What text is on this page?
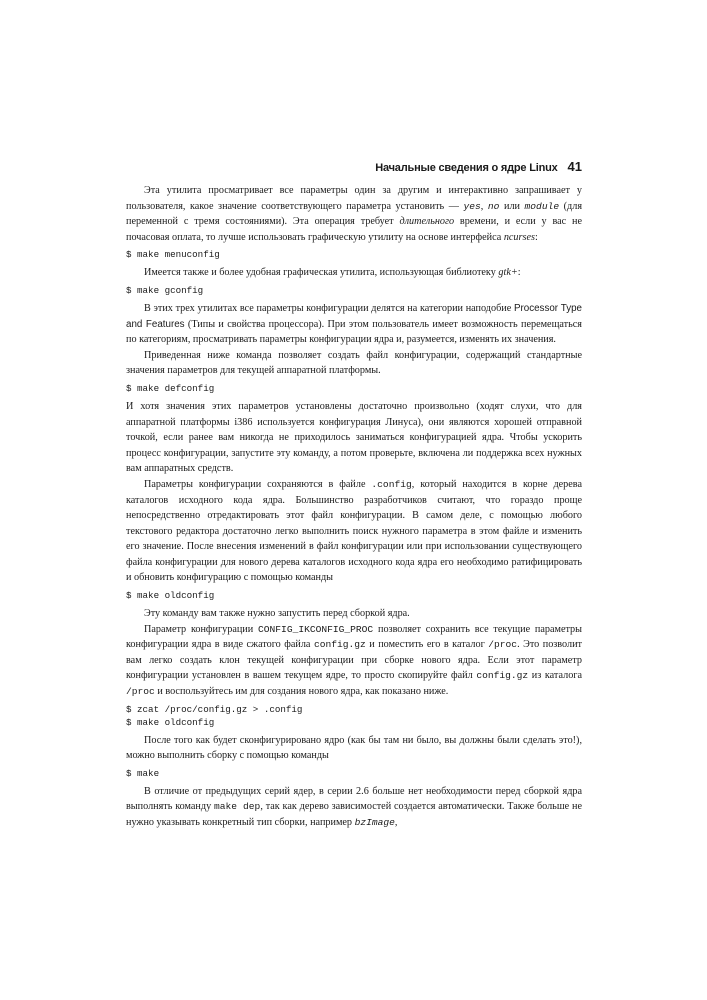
Начальные сведения о ядре Linux 41

Эта утилита просматривает все параметры один за другим и интерактивно запрашивает у пользователя, какое значение соответствующего параметра установить — yes, no или module (для переменной с тремя состояниями). Эта операция требует длительного времени, и если у вас не почасовая оплата, то лучше использовать графическую утилиту на основе интерфейса ncurses:

$ make menuconfig

Имеется также и более удобная графическая утилита, использующая библиотеку gtk+:

$ make gconfig

В этих трех утилитах все параметры конфигурации делятся на категории наподобие Processor Type and Features (Типы и свойства процессора). При этом пользователь имеет возможность перемещаться по категориям, просматривать параметры конфигурации ядра и, разумеется, изменять их значения.

Приведенная ниже команда позволяет создать файл конфигурации, содержащий стандартные значения параметров для текущей аппаратной платформы.

$ make defconfig

И хотя значения этих параметров установлены достаточно произвольно (ходят слухи, что для аппаратной платформы i386 используется конфигурация Линуса), они являются хорошей отправной точкой, если ранее вам никогда не приходилось заниматься конфигурацией ядра. Чтобы ускорить процесс конфигурации, запустите эту команду, а потом проверьте, включена ли поддержка всех нужных вам аппаратных средств.

Параметры конфигурации сохраняются в файле .config, который находится в корне дерева каталогов исходного кода ядра. Большинство разработчиков считают, что гораздо проще непосредственно отредактировать этот файл конфигурации. В самом деле, с помощью любого текстового редактора достаточно легко выполнить поиск нужного параметра в этом файле и изменить его значение. После внесения изменений в файл конфигурации или при использовании существующего файла конфигурации для нового дерева каталогов исходного кода ядра его необходимо ратифицировать и обновить конфигурацию с помощью команды

$ make oldconfig

Эту команду вам также нужно запустить перед сборкой ядра.

Параметр конфигурации CONFIG_IKCONFIG_PROC позволяет сохранить все текущие параметры конфигурации ядра в виде сжатого файла config.gz и поместить его в каталог /proc. Это позволит вам легко создать клон текущей конфигурации при сборке нового ядра. Если этот параметр конфигурации установлен в вашем текущем ядре, то просто скопируйте файл config.gz из каталога /proc и воспользуйтесь им для создания нового ядра, как показано ниже.

$ zcat /proc/config.gz > .config
$ make oldconfig

После того как будет сконфигурировано ядро (как бы там ни было, вы должны были сделать это!), можно выполнить сборку с помощью команды

$ make

В отличие от предыдущих серий ядер, в серии 2.6 больше нет необходимости перед сборкой ядра выполнять команду make dep, так как дерево зависимостей создается автоматически. Также больше не нужно указывать конкретный тип сборки, например bzImage,
